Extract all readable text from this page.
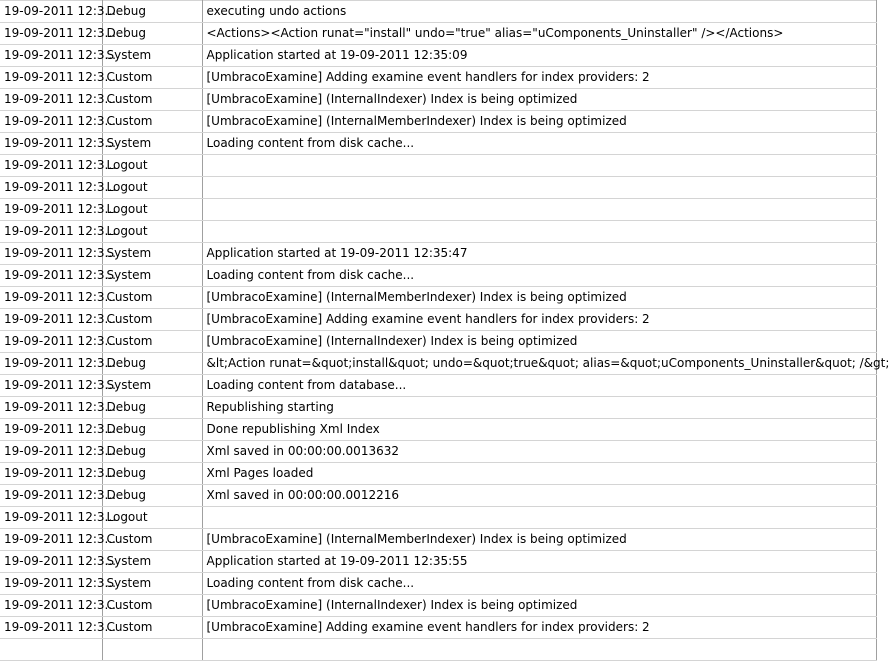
19-09-2011 12:3...	Debug	executing undo actions
19-09-2011 12:3...	Debug	<Actions><Action runat="install" undo="true" alias="uComponents_Uninstaller" /></Actions>
19-09-2011 12:3...	System	Application started at 19-09-2011 12:35:09
19-09-2011 12:3...	Custom	[UmbracoExamine] Adding examine event handlers for index providers: 2
19-09-2011 12:3...	Custom	[UmbracoExamine] (InternalIndexer) Index is being optimized
19-09-2011 12:3...	Custom	[UmbracoExamine] (InternalMemberIndexer) Index is being optimized
19-09-2011 12:3...	System	Loading content from disk cache...
19-09-2011 12:3...	Logout	
19-09-2011 12:3...	Logout	
19-09-2011 12:3...	Logout	
19-09-2011 12:3...	Logout	
19-09-2011 12:3...	System	Application started at 19-09-2011 12:35:47
19-09-2011 12:3...	System	Loading content from disk cache...
19-09-2011 12:3...	Custom	[UmbracoExamine] (InternalMemberIndexer) Index is being optimized
19-09-2011 12:3...	Custom	[UmbracoExamine] Adding examine event handlers for index providers: 2
19-09-2011 12:3...	Custom	[UmbracoExamine] (InternalIndexer) Index is being optimized
19-09-2011 12:3...	Debug	&lt;Action runat=&quot;install&quot; undo=&quot;true&quot; alias=&quot;uComponents_Uninstaller&quot; /&gt;
19-09-2011 12:3...	System	Loading content from database...
19-09-2011 12:3...	Debug	Republishing starting
19-09-2011 12:3...	Debug	Done republishing Xml Index
19-09-2011 12:3...	Debug	Xml saved in 00:00:00.0013632
19-09-2011 12:3...	Debug	Xml Pages loaded
19-09-2011 12:3...	Debug	Xml saved in 00:00:00.0012216
19-09-2011 12:3...	Logout	
19-09-2011 12:3...	Custom	[UmbracoExamine] (InternalMemberIndexer) Index is being optimized
19-09-2011 12:3...	System	Application started at 19-09-2011 12:35:55
19-09-2011 12:3...	System	Loading content from disk cache...
19-09-2011 12:3...	Custom	[UmbracoExamine] (InternalIndexer) Index is being optimized
19-09-2011 12:3...	Custom	[UmbracoExamine] Adding examine event handlers for index providers: 2
